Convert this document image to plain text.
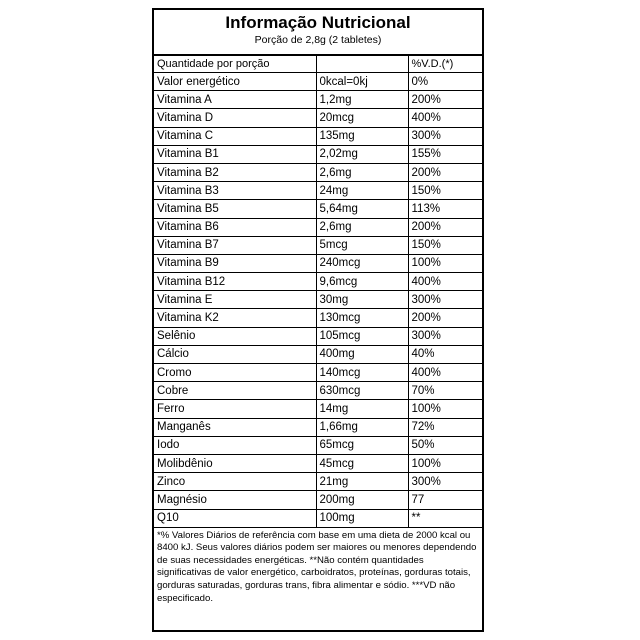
Informação Nutricional
Porção de 2,8g (2 tabletes)
Quantidade por porção		%V.D.(*)
Valor energético	0kcal=0kj	0%
Vitamina A	1,2mg	200%
Vitamina D	20mcg	400%
Vitamina C	135mg	300%
Vitamina B1	2,02mg	155%
Vitamina B2	2,6mg	200%
Vitamina B3	24mg	150%
Vitamina B5	5,64mg	113%
Vitamina B6	2,6mg	200%
Vitamina B7	5mcg	150%
Vitamina B9	240mcg	100%
Vitamina B12	9,6mcg	400%
Vitamina E	30mg	300%
Vitamina K2	130mcg	200%
Selênio	105mcg	300%
Cálcio	400mg	40%
Cromo	140mcg	400%
Cobre	630mcg	70%
Ferro	14mg	100%
Manganês	1,66mg	72%
Iodo	65mcg	50%
Molibdênio	45mcg	100%
Zinco	21mg	300%
Magnésio	200mg	77
Q10	100mg	**
*% Valores Diários de referência com base em uma dieta de 2000 kcal ou 8400 kJ. Seus valores diários podem ser maiores ou menores dependendo de suas necessidades energéticas. **Não contém quantidades significativas de valor energético, carboidratos, proteínas, gorduras totais, gorduras saturadas, gorduras trans, fibra alimentar e sódio. ***VD não especificado.
